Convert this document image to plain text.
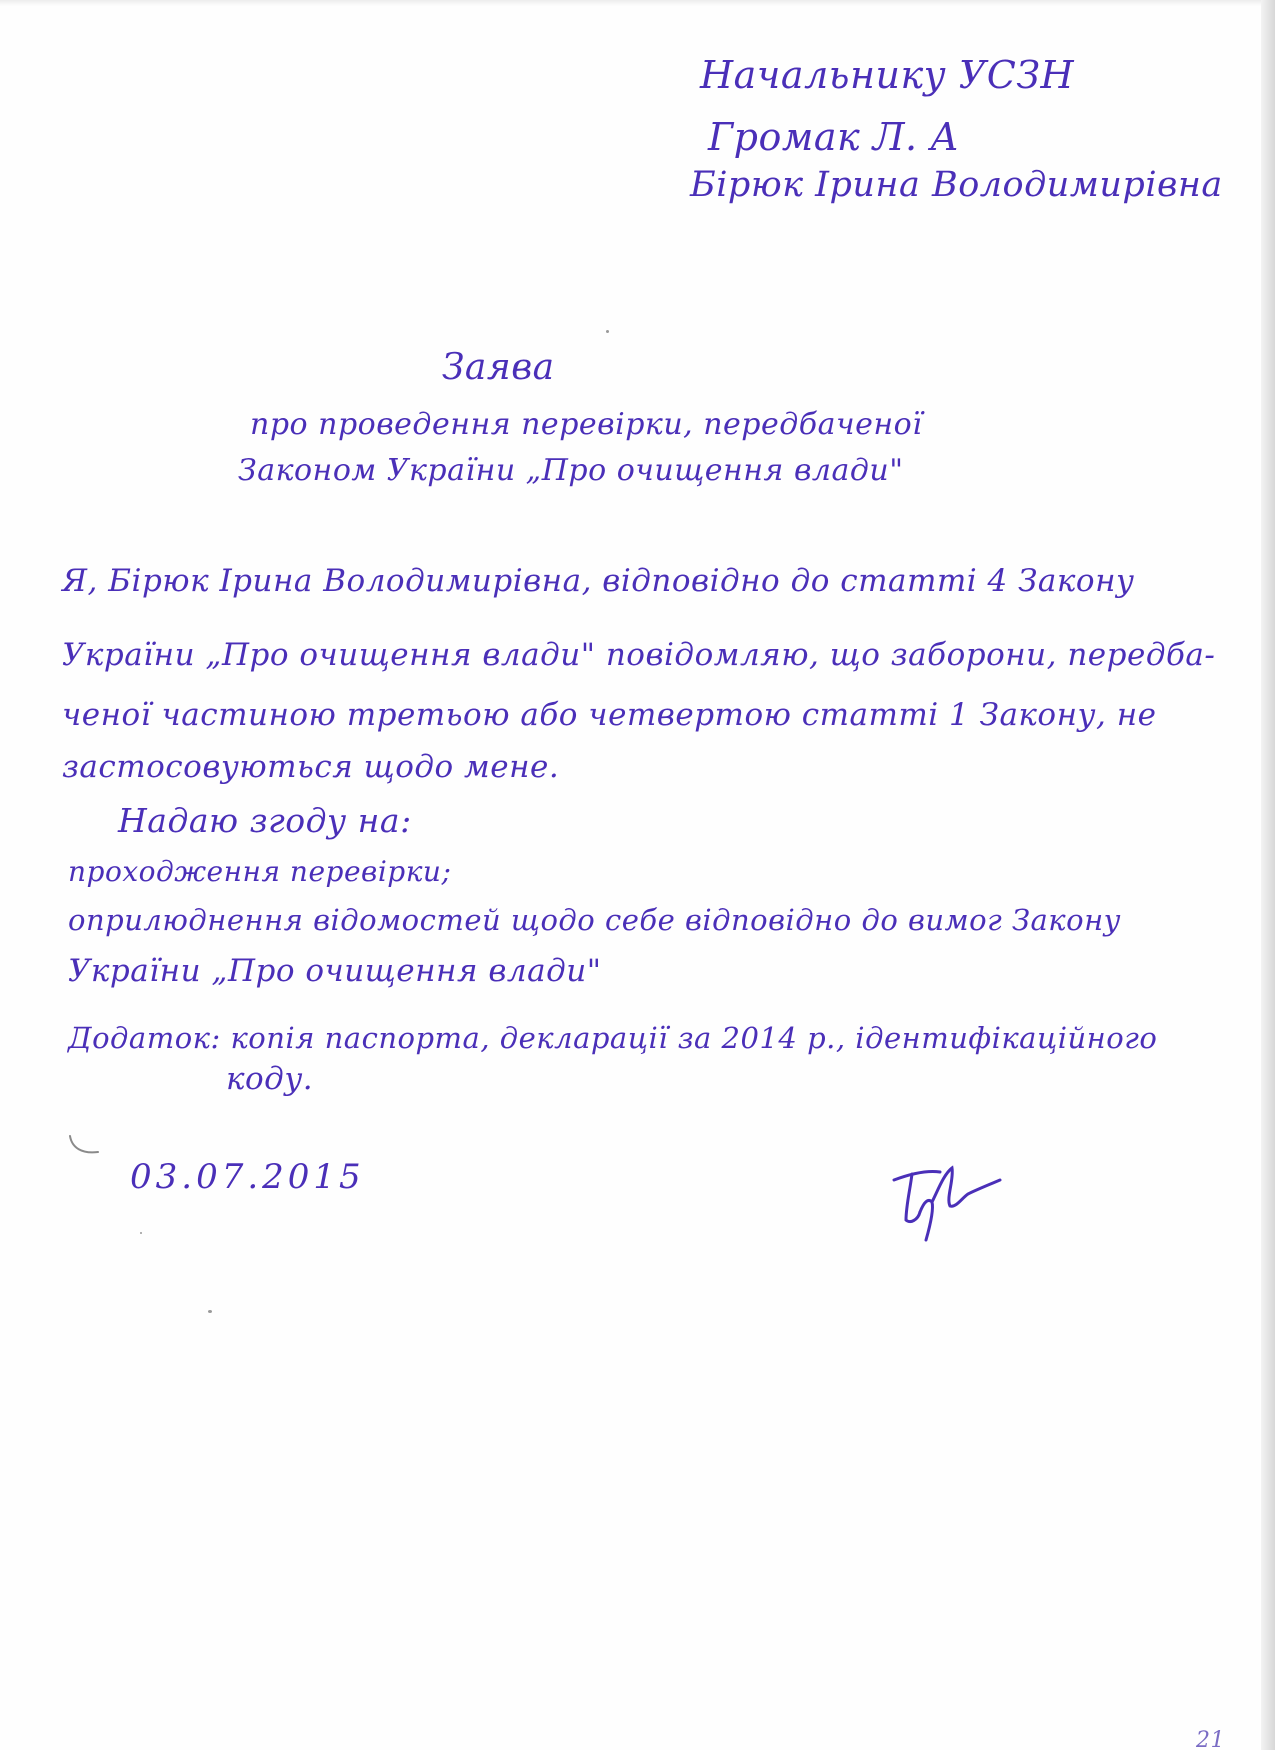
Начальнику УСЗН
Громак Л. А
Бірюк Ірина Володимирівна
Заява
про проведення перевірки, передбаченої
Законом України „Про очищення влади"
Я, Бірюк Ірина Володимирівна, відповідно до статті 4 Закону
України „Про очищення влади" повідомляю, що заборони, передба-
ченої частиною третьою або четвертою статті 1 Закону, не
застосовуються щодо мене.
Надаю згоду на:
проходження перевірки;
оприлюднення відомостей щодо себе відповідно до вимог Закону
України „Про очищення влади"
Додаток: копія паспорта, декларації за 2014 р., ідентифікаційного
коду.
03.07.2015
21
